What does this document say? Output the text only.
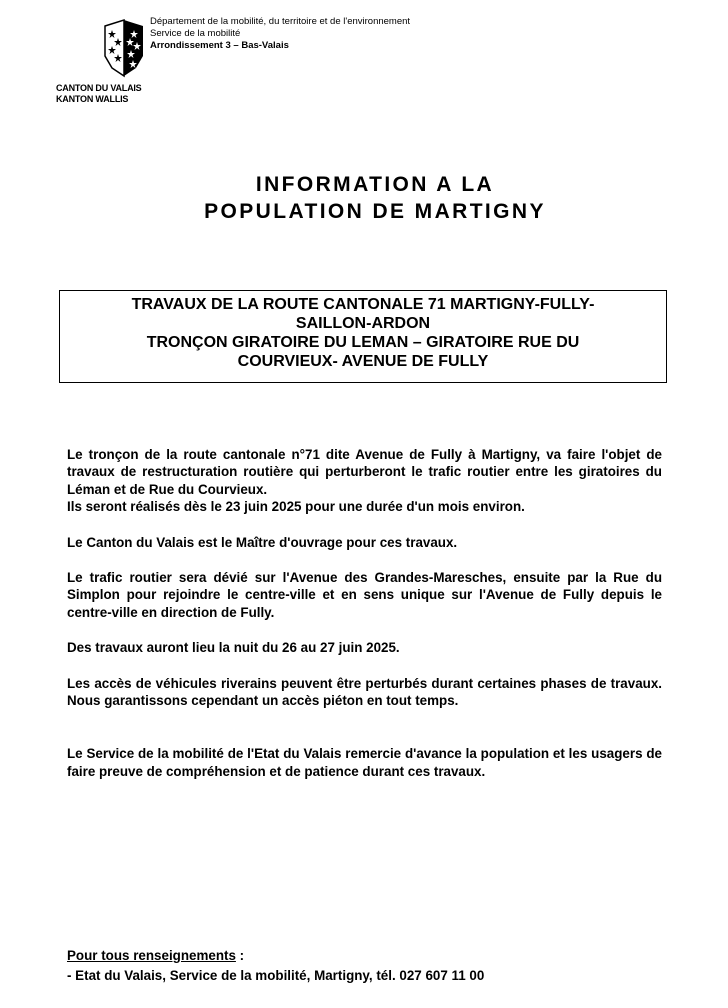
CANTON DU VALAIS
KANTON WALLIS
Département de la mobilité, du territoire et de l'environnement
Service de la mobilité
Arrondissement 3 – Bas-Valais
INFORMATION A LA
POPULATION DE MARTIGNY
TRAVAUX DE LA ROUTE CANTONALE 71 MARTIGNY-FULLY-
SAILLON-ARDON
TRONÇON GIRATOIRE DU LEMAN – GIRATOIRE RUE DU
COURVIEUX- AVENUE DE FULLY

Le tronçon de la route cantonale n°71 dite Avenue de Fully à Martigny, va faire l'objet de travaux de restructuration routière qui perturberont le trafic routier entre les giratoires du Léman et de Rue du Courvieux.

Ils seront réalisés dès le 23 juin 2025 pour une durée d'un mois environ.

Le Canton du Valais est le Maître d'ouvrage pour ces travaux.

Le trafic routier sera dévié sur l'Avenue des Grandes-Maresches, ensuite par la Rue du Simplon pour rejoindre le centre-ville et en sens unique sur l'Avenue de Fully depuis le centre-ville en direction de Fully.

Des travaux auront lieu la nuit du 26 au 27 juin 2025.

Les accès de véhicules riverains peuvent être perturbés durant certaines phases de travaux. Nous garantissons cependant un accès piéton en tout temps.

Le Service de la mobilité de l'Etat du Valais remercie d'avance la population et les usagers de faire preuve de compréhension et de patience durant ces travaux.

Pour tous renseignements :
- Etat du Valais, Service de la mobilité, Martigny, tél. 027 607 11 00
